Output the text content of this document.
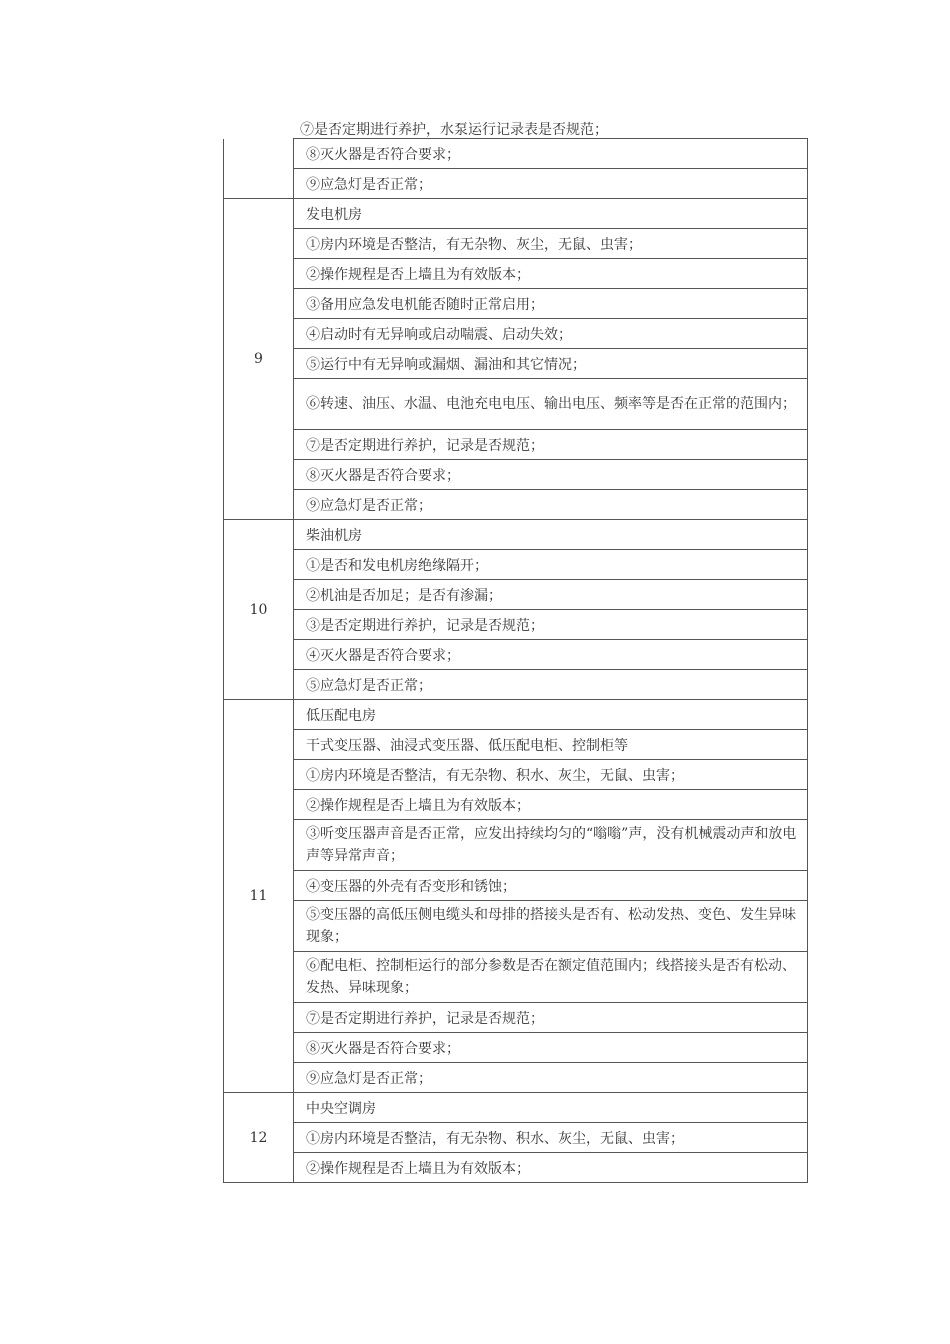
⑦是否定期进行养护，水泵运行记录表是否规范；
	⑧灭火器是否符合要求；
	⑨应急灯是否正常；
9	发电机房
	①房内环境是否整洁，有无杂物、灰尘，无鼠、虫害；
	②操作规程是否上墙且为有效版本；
	③备用应急发电机能否随时正常启用；
	④启动时有无异响或启动喘震、启动失效；
	⑤运行中有无异响或漏烟、漏油和其它情况；
	⑥转速、油压、水温、电池充电电压、输出电压、频率等是否在正常的范围内；
	⑦是否定期进行养护，记录是否规范；
	⑧灭火器是否符合要求；
	⑨应急灯是否正常；
10	柴油机房
	①是否和发电机房绝缘隔开；
	②机油是否加足；是否有渗漏；
	③是否定期进行养护，记录是否规范；
	④灭火器是否符合要求；
	⑤应急灯是否正常；
11	低压配电房
	干式变压器、油浸式变压器、低压配电柜、控制柜等
	①房内环境是否整洁，有无杂物、积水、灰尘，无鼠、虫害；
	②操作规程是否上墙且为有效版本；
	③听变压器声音是否正常，应发出持续均匀的“嗡嗡”声，没有机械震动声和放电声等异常声音；
	④变压器的外壳有否变形和锈蚀；
	⑤变压器的高低压侧电缆头和母排的搭接头是否有、松动发热、变色、发生异味现象；
	⑥配电柜、控制柜运行的部分参数是否在额定值范围内；线搭接头是否有松动、发热、异味现象；
	⑦是否定期进行养护，记录是否规范；
	⑧灭火器是否符合要求；
	⑨应急灯是否正常；
12	中央空调房
	①房内环境是否整洁，有无杂物、积水、灰尘，无鼠、虫害；
	②操作规程是否上墙且为有效版本；
